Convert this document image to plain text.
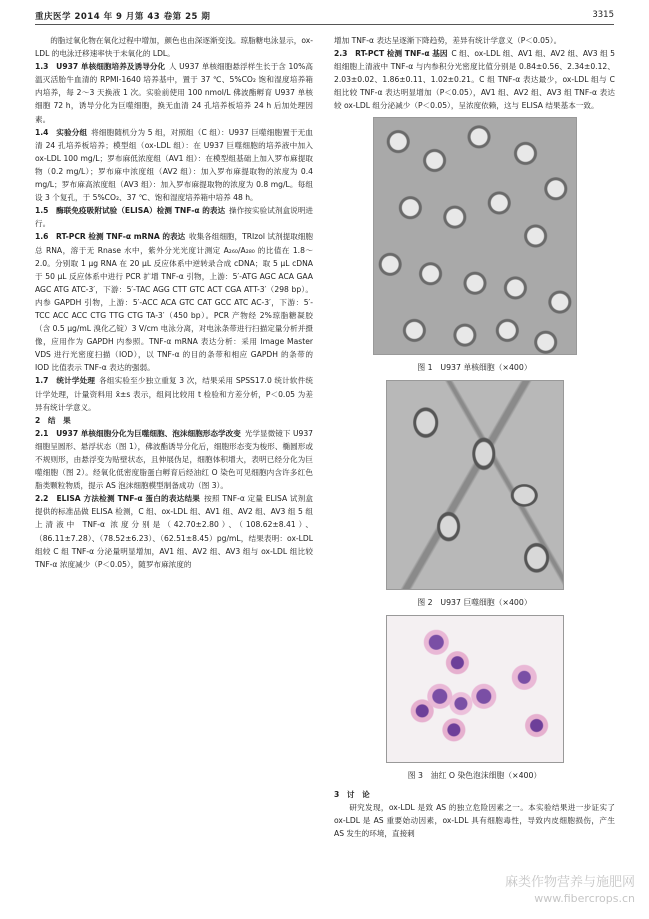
重庆医学 2014 年 9 月第 43 卷第 25 期	3315

的脂过氧化物在氧化过程中增加，颜色也由深逐渐变浅。琼脂糖电泳显示，ox-LDL 的电泳迁移速率快于未氧化的 LDL。

1.3　U937 单核细胞培养及诱导分化  人 U937 单核细胞悬浮样生长于含 10%高温灭活胎牛血清的 RPMI-1640 培养基中，置于 37 ℃、5%CO₂ 饱和湿度培养箱内培养，每 2～3 天换液 1 次。实验前使用 100 nmol/L 佛波酯孵育 U937 单核细胞 72 h，诱导分化为巨噬细胞，换无血清 24 孔培养板培养 24 h 后加处理因素。

1.4　实验分组  将细胞随机分为 5 组，对照组（C 组）：U937 巨噬细胞置于无血清 24 孔培养板培养；模型组（ox-LDL 组）：在 U937 巨噬细胞的培养液中加入 ox-LDL 100 mg/L；罗布麻低浓度组（AV1 组）：在模型组基础上加入罗布麻提取物（0.2 mg/L）；罗布麻中浓度组（AV2 组）：加入罗布麻提取物的浓度为 0.4 mg/L；罗布麻高浓度组（AV3 组）：加入罗布麻提取物的浓度为 0.8 mg/L。每组设 3 个复孔，于 5%CO₂、37 ℃、饱和湿度培养箱中培养 48 h。

1.5　酶联免疫吸附试验（ELISA）检测 TNF-α 的表达  操作按实验试剂盒说明进行。

1.6　RT-PCR 检测 TNF-α mRNA 的表达  收集各组细胞，TRIzol 试剂提取细胞总 RNA，溶于无 Rnase 水中，紫外分光光度计测定 A₂₆₀/A₂₈₀ 的比值在 1.8～2.0。分别取 1 μg RNA 在 20 μL 反应体系中逆转录合成 cDNA；取 5 μL cDNA 于 50 μL 反应体系中进行 PCR 扩增 TNF-α 引物，上游：5′-ATG AGC ACA GAA AGC ATG ATC-3′，下游：5′-TAC AGG CTT GTC ACT CGA ATT-3′（298 bp）。内参 GAPDH 引物，上游：5′-ACC ACA GTC CAT GCC ATC AC-3′，下游：5′-TCC ACC ACC CTG TTG CTG TA-3′（450 bp）。PCR 产物经 2%琼脂糖凝胶（含 0.5 μg/mL 溴化乙锭）3 V/cm 电泳分离，对电泳条带进行扫描定量分析并摄像，应用作为 GAPDH 内参照。TNF-α mRNA 表达分析：采用 Image Master VDS 进行光密度扫描（IOD），以 TNF-α 的目的条带和相应 GAPDH 的条带的 IOD 比值表示 TNF-α 表达的强弱。

1.7　统计学处理  各组实验至少独立重复 3 次，结果采用 SPSS17.0 统计软件统计学处理，计量资料用 x̄±s 表示，组间比较用 t 检验和方差分析，P＜0.05 为差异有统计学意义。

2　结　果

2.1　U937 单核细胞分化为巨噬细胞、泡沫细胞形态学改变  光学显微镜下 U937 细胞呈圆形、悬浮状态（图 1），佛波酯诱导分化后，细胞形态变为梭形、椭圆形或不规则形，由悬浮变为贴壁状态，且伸展伪足，细胞体积增大，表明已经分化为巨噬细胞（图 2）。经氧化低密度脂蛋白孵育后经油红 O 染色可见细胞内含许多红色脂类颗粒物质，提示 AS 泡沫细胞模型制备成功（图 3）。

2.2　ELISA 方法检测 TNF-α 蛋白的表达结果  按照 TNF-α 定量 ELISA 试剂盒提供的标准品做 ELISA 检测，C 组、ox-LDL 组、AV1 组、AV2 组、AV3 组 5 组上清液中 TNF-α 浓度分别是（42.70±2.80）、（108.62±8.41）、（86.11±7.28）、（78.52±6.23）、（62.51±8.45）pg/mL，结果表明：ox-LDL 组较 C 组 TNF-α 分泌量明显增加，AV1 组、AV2 组、AV3 组与 ox-LDL 组比较 TNF-α 浓度减少（P＜0.05），随罗布麻浓度的

增加 TNF-α 表达呈逐渐下降趋势，差异有统计学意义（P＜0.05）。

2.3　RT-PCT 检测 TNF-α 基因  C 组、ox-LDL 组、AV1 组、AV2 组、AV3 组 5 组细胞上清液中 TNF-α 与内参积分光密度比值分别是 0.84±0.56、2.34±0.12、2.03±0.02、1.86±0.11、1.02±0.21。C 组 TNF-α 表达最少，ox-LDL 组与 C 组比较 TNF-α 表达明显增加（P＜0.05），AV1 组、AV2 组、AV3 组 TNF-α 表达较 ox-LDL 组分泌减少（P＜0.05），呈浓度依赖，这与 ELISA 结果基本一致。

图 1　U937 单核细胞（×400）
图 2　U937 巨噬细胞（×400）
图 3　油红 O 染色泡沫细胞（×400）

3　讨　论

研究发现，ox-LDL 是致 AS 的独立危险因素之一。本实验结果进一步证实了 ox-LDL 是 AS 重要始动因素，ox-LDL 具有细胞毒性，导致内皮细胞损伤，产生 AS 发生的环境，直接刺

麻类作物营养与施肥网
www.fibercrops.cn
